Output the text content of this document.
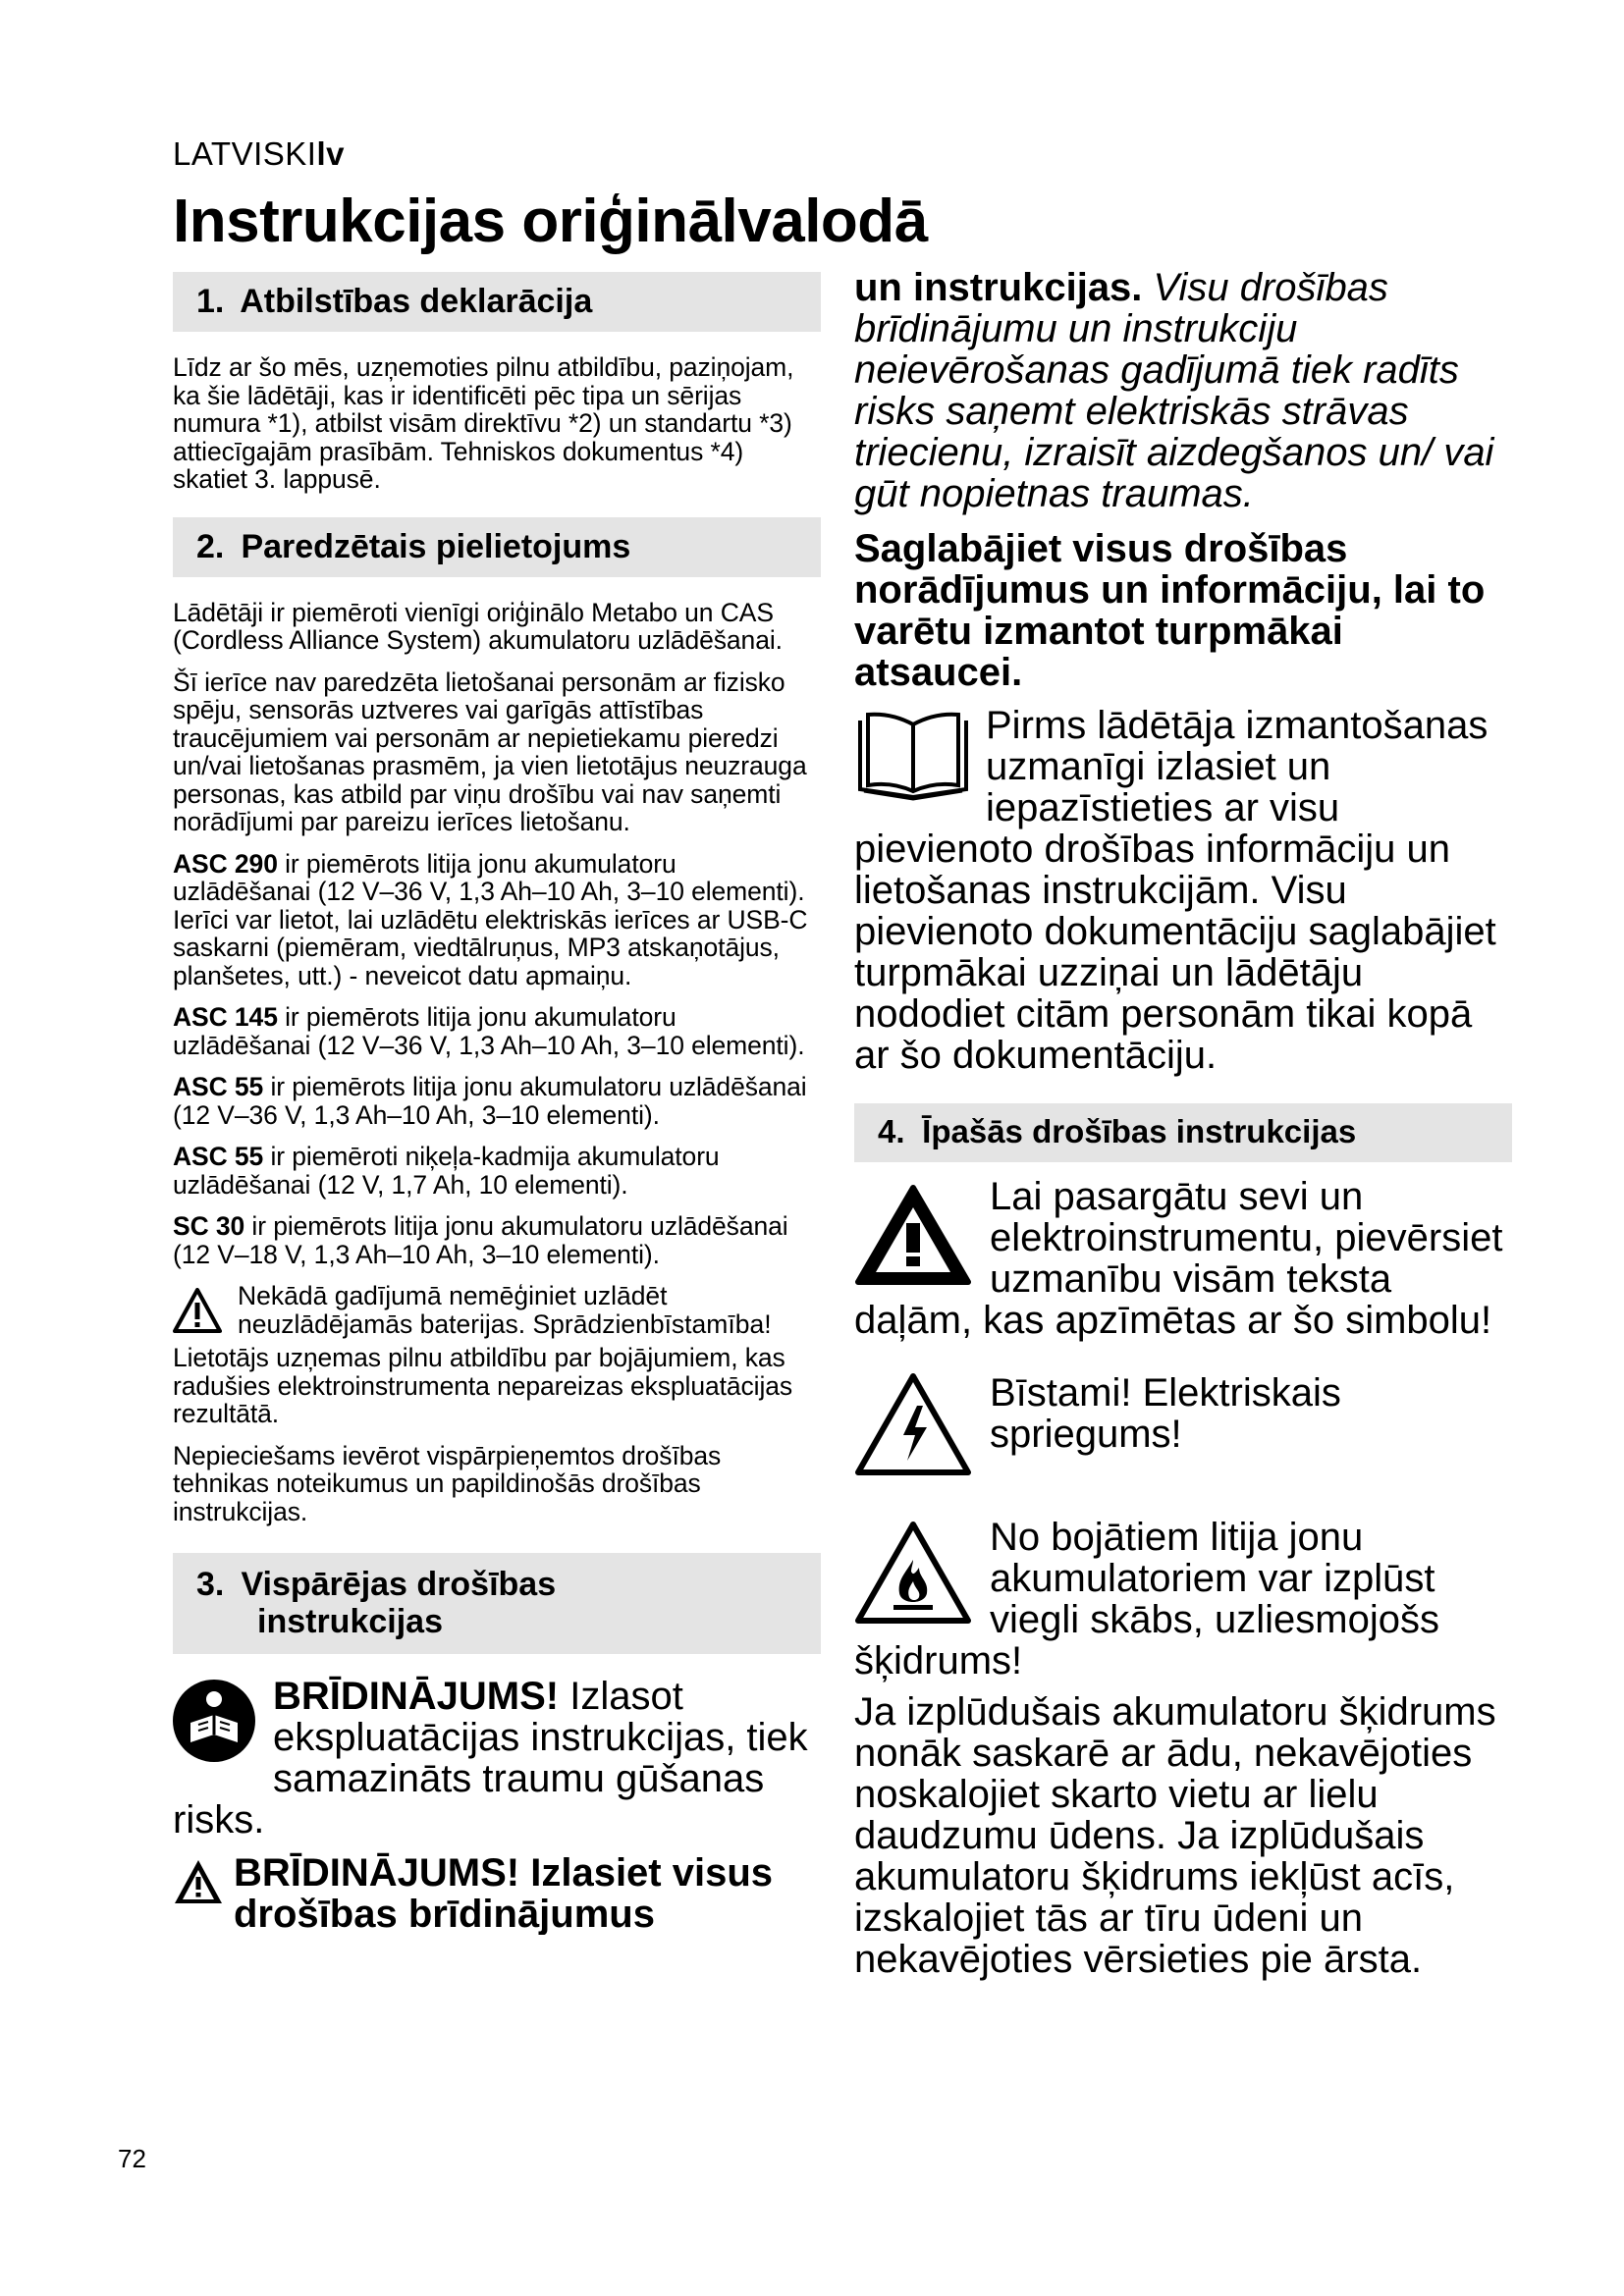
LATVISKIlv
Instrukcijas oriģinālvalodā
1. Atbilstības deklarācija

Līdz ar šo mēs, uzņemoties pilnu atbildību, paziņojam, ka šie lādētāji, kas ir identificēti pēc tipa un sērijas numura *1), atbilst visām direktīvu *2) un standartu *3) attiecīgajām prasībām. Tehniskos dokumentus *4) skatiet 3. lappusē.

2. Paredzētais pielietojums

Lādētāji ir piemēroti vienīgi oriģinālo Metabo un CAS (Cordless Alliance System) akumulatoru uzlādēšanai.

Šī ierīce nav paredzēta lietošanai personām ar fizisko spēju, sensorās uztveres vai garīgās attīstības traucējumiem vai personām ar nepietiekamu pieredzi un/vai lietošanas prasmēm, ja vien lietotājus neuzrauga personas, kas atbild par viņu drošību vai nav saņemti norādījumi par pareizu ierīces lietošanu.

ASC 290 ir piemērots litija jonu akumulatoru uzlādēšanai (12 V–36 V, 1,3 Ah–10 Ah, 3–10 elementi). Ierīci var lietot, lai uzlādētu elektriskās ierīces ar USB-C saskarni (piemēram, viedtālruņus, MP3 atskaņotājus, planšetes, utt.) - neveicot datu apmaiņu.

ASC 145 ir piemērots litija jonu akumulatoru uzlādēšanai (12 V–36 V, 1,3 Ah–10 Ah, 3–10 elementi).

ASC 55 ir piemērots litija jonu akumulatoru uzlādēšanai (12 V–36 V, 1,3 Ah–10 Ah, 3–10 elementi).

ASC 55 ir piemēroti niķeļa-kadmija akumulatoru uzlādēšanai (12 V, 1,7 Ah, 10 elementi).

SC 30 ir piemērots litija jonu akumulatoru uzlādēšanai (12 V–18 V, 1,3 Ah–10 Ah, 3–10 elementi).

Nekādā gadījumā nemēģiniet uzlādēt neuzlādējamās baterijas. Sprādzienbīstamība!

Lietotājs uzņemas pilnu atbildību par bojājumiem, kas radušies elektroinstrumenta nepareizas ekspluatācijas rezultātā.

Nepieciešams ievērot vispārpieņemtos drošības tehnikas noteikumus un papildinošās drošības instrukcijas.

3. Vispārējas drošības
instrukcijas
BRĪDINĀJUMS! Izlasot ekspluatācijas instrukcijas, tiek samazināts traumu gūšanas risks.
BRĪDINĀJUMS! Izlasiet visus drošības brīdinājumus
un instrukcijas. Visu drošības brīdinājumu un instrukciju neievērošanas gadījumā tiek radīts risks saņemt elektriskās strāvas triecienu, izraisīt aizdegšanos un/ vai gūt nopietnas traumas.
Saglabājiet visus drošības norādījumus un informāciju, lai to varētu izmantot turpmākai atsaucei.
Pirms lādētāja izmantošanas uzmanīgi izlasiet un iepazīstieties ar visu pievienoto drošības informāciju un lietošanas instrukcijām. Visu pievienoto dokumentāciju saglabājiet turpmākai uzziņai un lādētāju nododiet citām personām tikai kopā ar šo dokumentāciju.
4. Īpašās drošības instrukcijas
Lai pasargātu sevi un elektroinstrumentu, pievērsiet uzmanību visām teksta daļām, kas apzīmētas ar šo simbolu!
Bīstami! Elektriskais spriegums!
No bojātiem litija jonu akumulatoriem var izplūst viegli skābs, uzliesmojošs šķidrums!
Ja izplūdušais akumulatoru šķidrums nonāk saskarē ar ādu, nekavējoties noskalojiet skarto vietu ar lielu daudzumu ūdens. Ja izplūdušais akumulatoru šķidrums iekļūst acīs, izskalojiet tās ar tīru ūdeni un nekavējoties vērsieties pie ārsta.
72
